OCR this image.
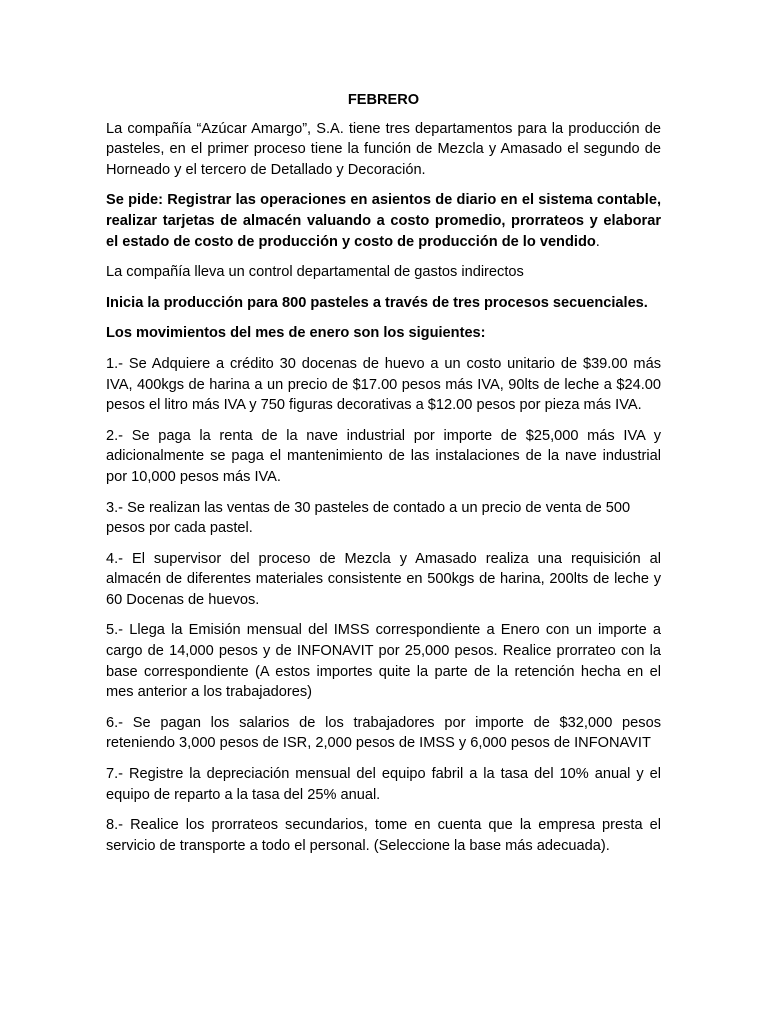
FEBRERO

La compañía “Azúcar Amargo”, S.A. tiene tres departamentos para la producción de pasteles, en el primer proceso tiene la función de Mezcla y Amasado el segundo de Horneado y el tercero de Detallado y Decoración.

Se pide: Registrar las operaciones en asientos de diario en el sistema contable, realizar tarjetas de almacén valuando a costo promedio, prorrateos y elaborar el estado de costo de producción y costo de producción de lo vendido.

La compañía lleva un control departamental de gastos indirectos

Inicia la producción para 800 pasteles a través de tres procesos secuenciales.

Los movimientos del mes de enero son los siguientes:

1.- Se Adquiere a crédito 30 docenas de huevo a un costo unitario de $39.00 más IVA, 400kgs de harina a un precio de $17.00 pesos más IVA, 90lts de leche a $24.00 pesos el litro más IVA y 750 figuras decorativas a $12.00 pesos por pieza más IVA.

2.- Se paga la renta de la nave industrial por importe de $25,000 más IVA y adicionalmente se paga el mantenimiento de las instalaciones de la nave industrial por 10,000 pesos más IVA.

3.- Se realizan las ventas de 30 pasteles de contado a un precio de venta de 500 pesos por cada pastel.

4.- El supervisor del proceso de Mezcla y Amasado realiza una requisición al almacén de diferentes materiales consistente en 500kgs de harina, 200lts de leche y 60 Docenas de huevos.

5.- Llega la Emisión mensual del IMSS correspondiente a Enero con un importe a cargo de 14,000 pesos y de INFONAVIT por 25,000 pesos. Realice prorrateo con la base correspondiente (A estos importes quite la parte de la retención hecha en el mes anterior a los trabajadores)

6.- Se pagan los salarios de los trabajadores por importe de $32,000 pesos reteniendo 3,000 pesos de ISR, 2,000 pesos de IMSS y 6,000 pesos de INFONAVIT

7.- Registre la depreciación mensual del equipo fabril a la tasa del 10% anual y el equipo de reparto a la tasa del 25% anual.

8.- Realice los prorrateos secundarios, tome en cuenta que la empresa presta el servicio de transporte a todo el personal. (Seleccione la base más adecuada).
